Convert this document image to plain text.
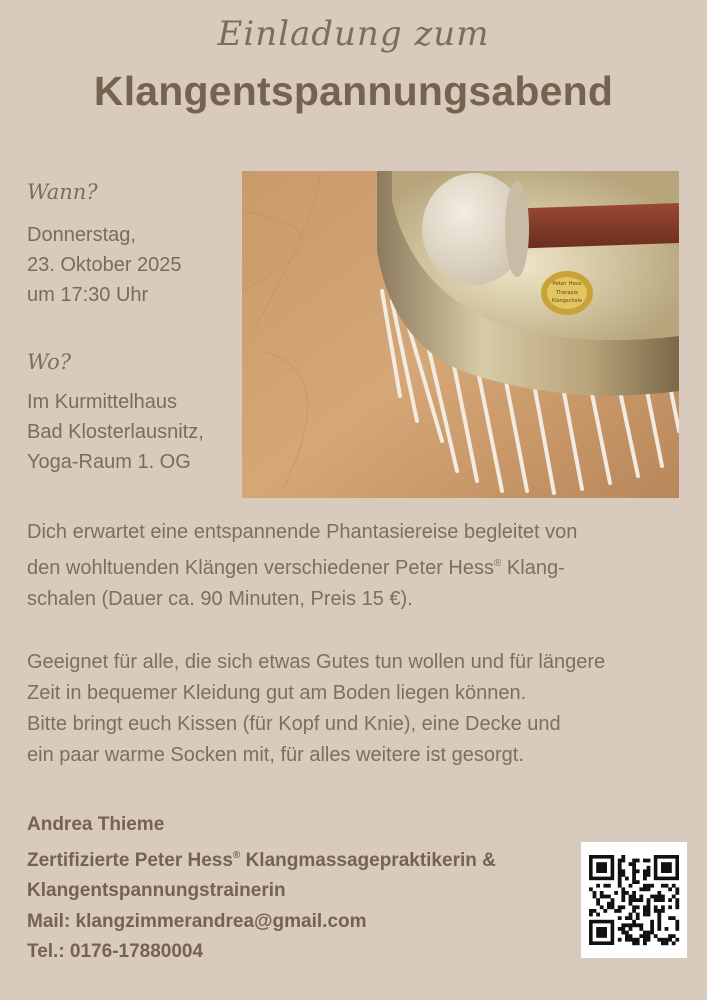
Einladung zum
Klangentspannungsabend
Wann?
Donnerstag,
23. Oktober 2025
um 17:30 Uhr
Wo?
Im Kurmittelhaus
Bad Klosterlausnitz,
Yoga-Raum 1. OG
Peter Hess
Therapie
Klangschale
Dich erwartet eine entspannende Phantasiereise begleitet von
den wohltuenden Klängen verschiedener Peter Hess® Klang-
schalen (Dauer ca. 90 Minuten, Preis 15 €).
Geeignet für alle, die sich etwas Gutes tun wollen und für längere
Zeit in bequemer Kleidung gut am Boden liegen können.
Bitte bringt euch Kissen (für Kopf und Knie), eine Decke und
ein paar warme Socken mit, für alles weitere ist gesorgt.
Andrea Thieme
Zertifizierte Peter Hess® Klangmassagepraktikerin &
Klangentspannungstrainerin
Mail: klangzimmerandrea@gmail.com
Tel.: 0176-17880004
